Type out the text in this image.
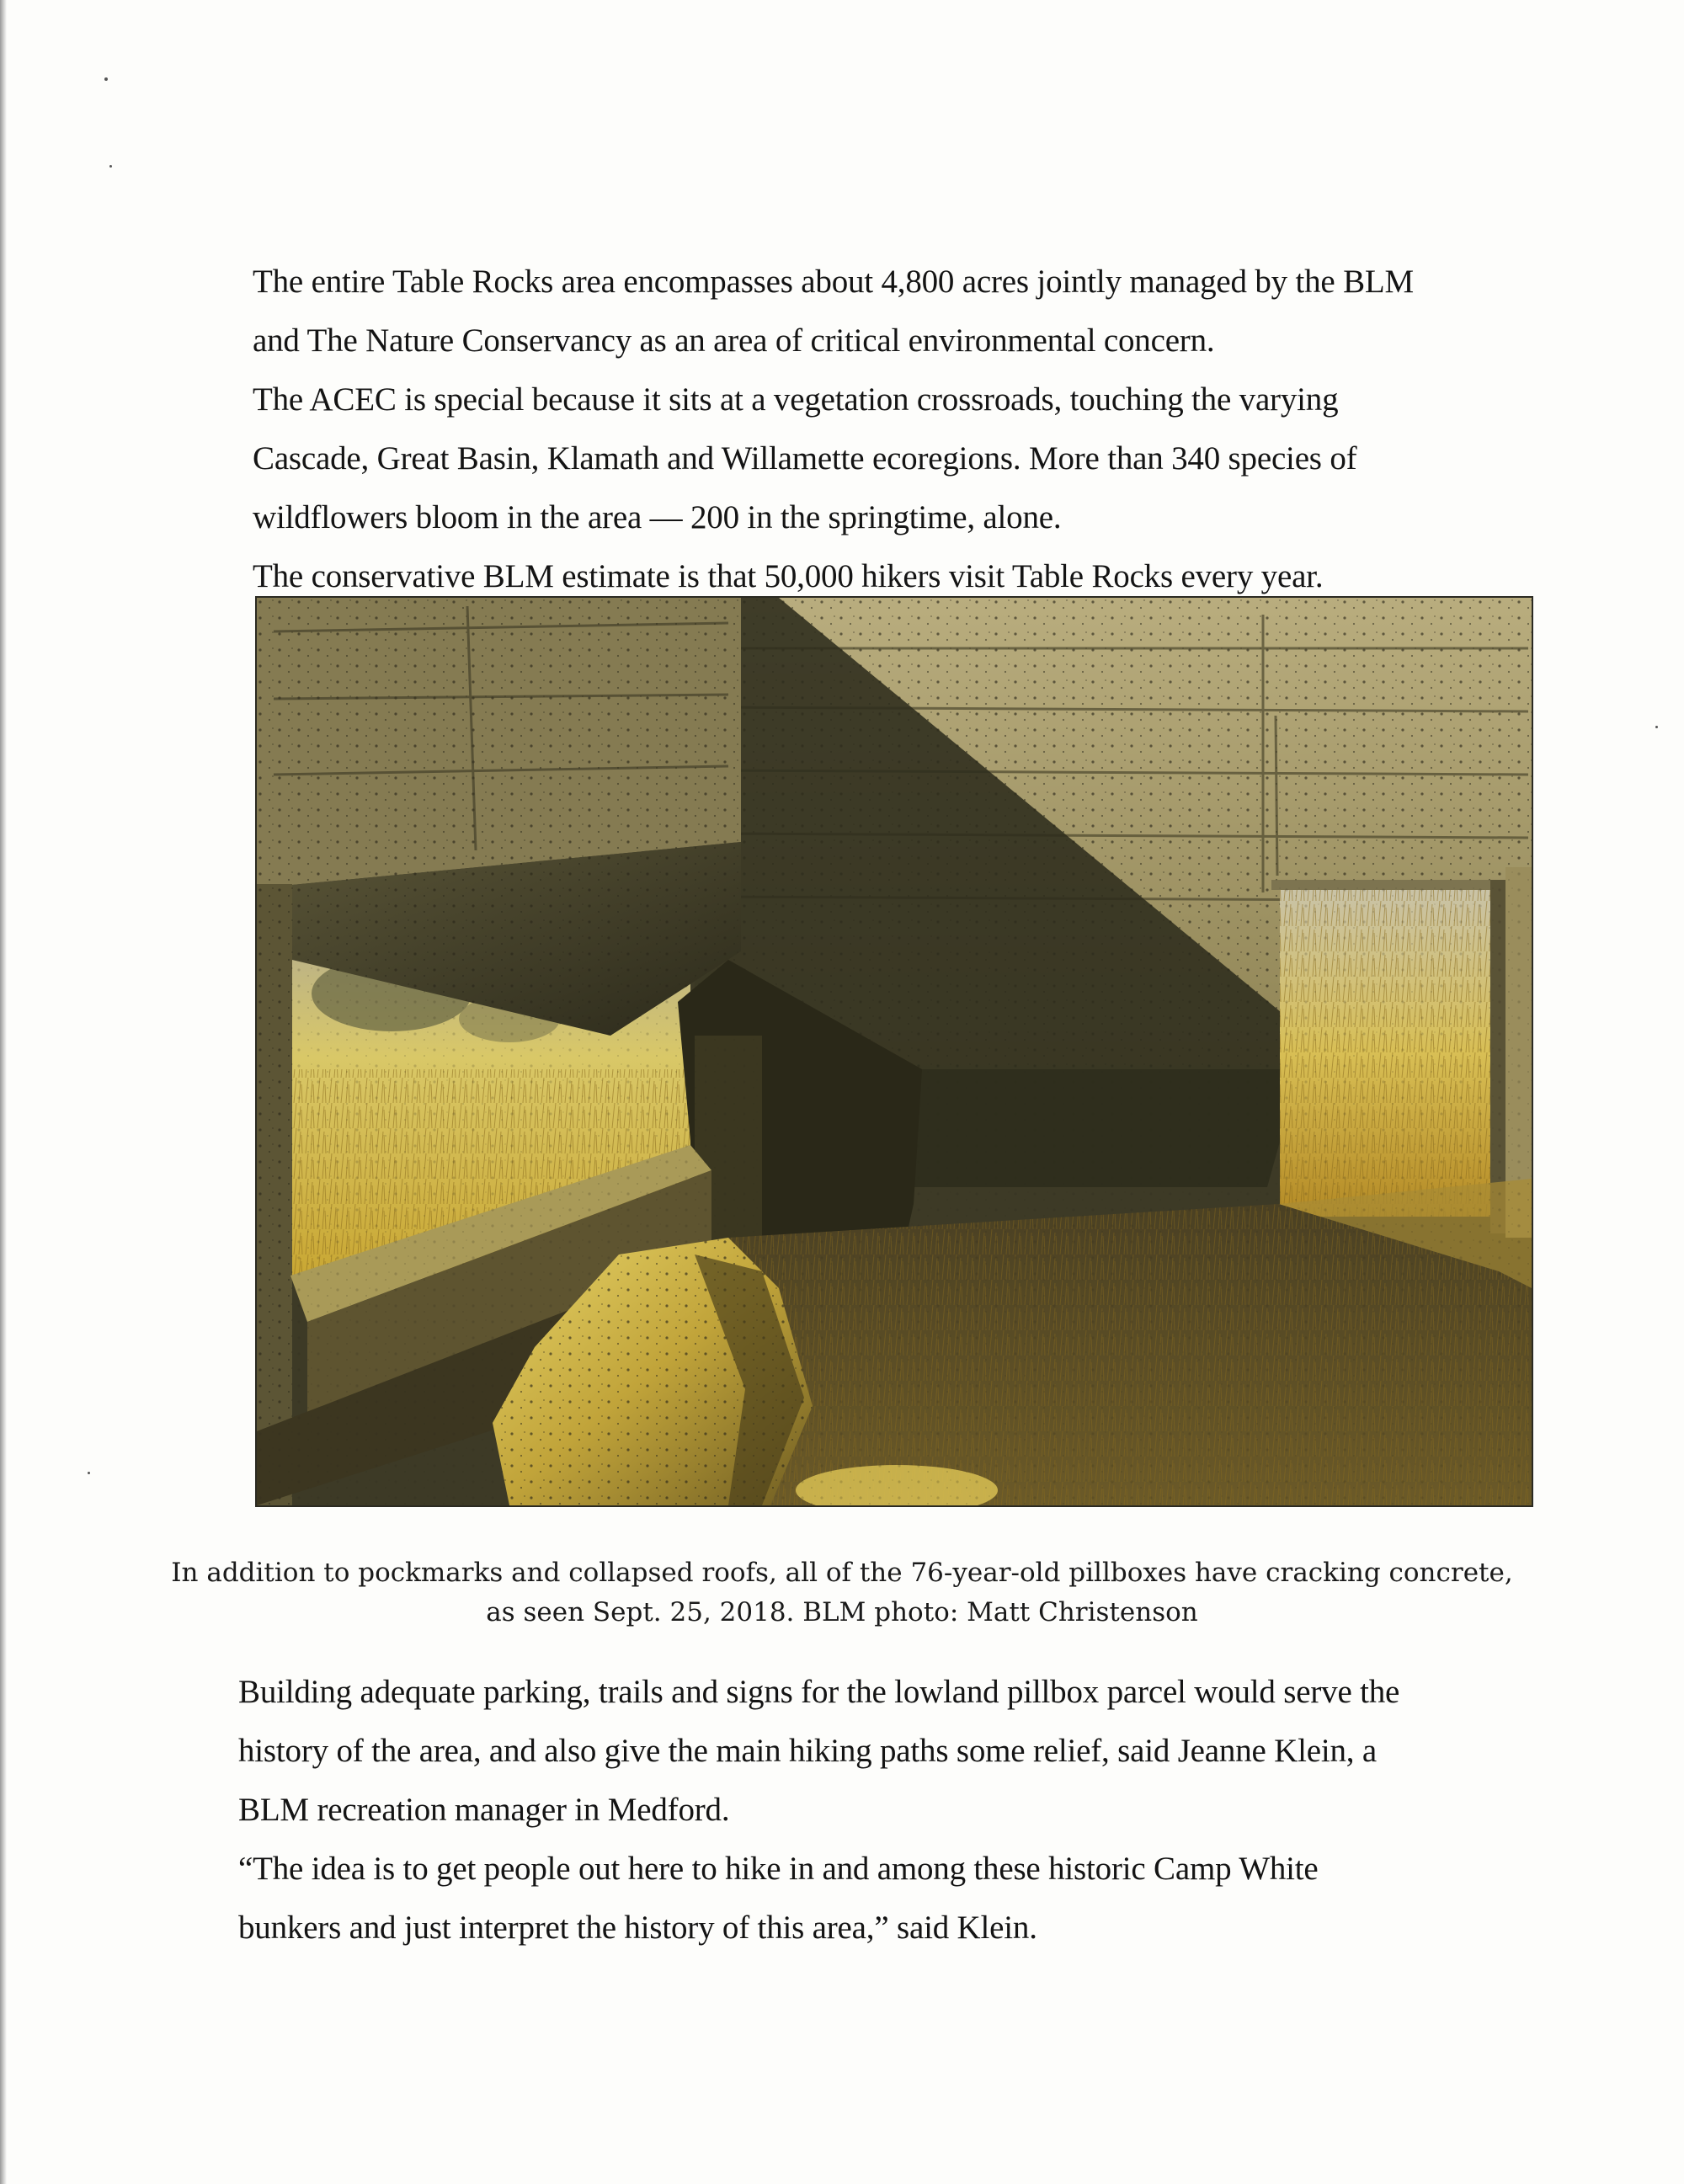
The entire Table Rocks area encompasses about 4,800 acres jointly managed by the BLM

and The Nature Conservancy as an area of critical environmental concern.

The ACEC is special because it sits at a vegetation crossroads, touching the varying

Cascade, Great Basin, Klamath and Willamette ecoregions. More than 340 species of

wildflowers bloom in the area — 200 in the springtime, alone.

The conservative BLM estimate is that 50,000 hikers visit Table Rocks every year.

In addition to pockmarks and collapsed roofs, all of the 76-year-old pillboxes have cracking concrete,

as seen Sept. 25, 2018. BLM photo: Matt Christenson

Building adequate parking, trails and signs for the lowland pillbox parcel would serve the

history of the area, and also give the main hiking paths some relief, said Jeanne Klein, a

BLM recreation manager in Medford.

“The idea is to get people out here to hike in and among these historic Camp White

bunkers and just interpret the history of this area,” said Klein.
